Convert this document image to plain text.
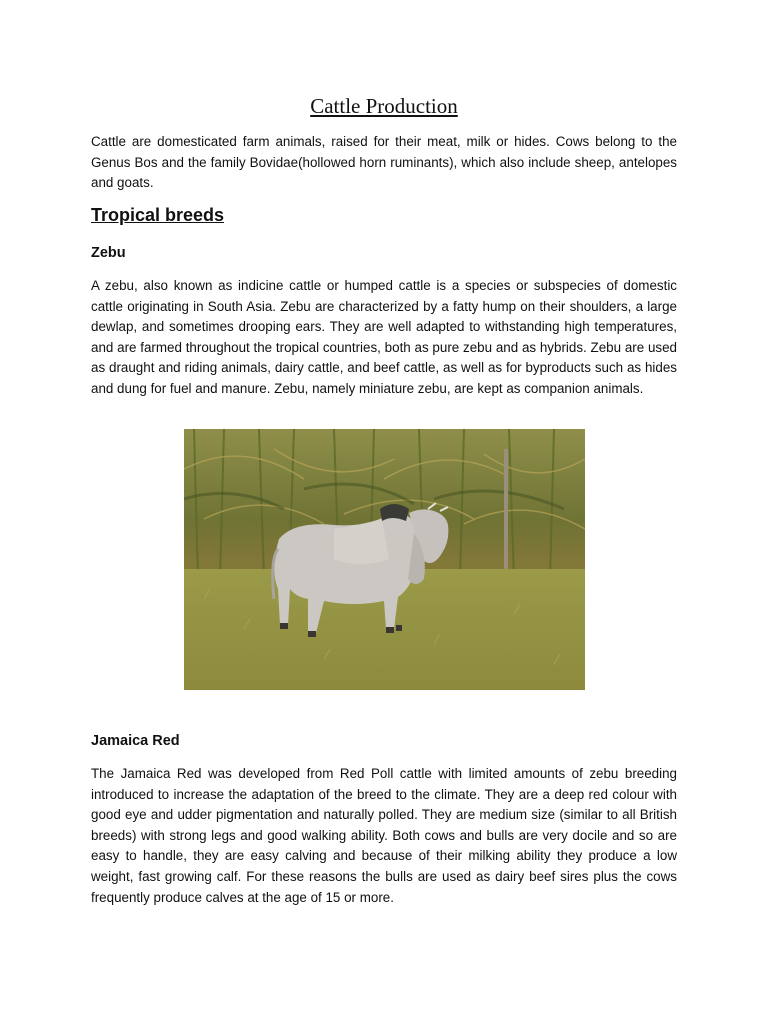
Cattle Production

Cattle are domesticated farm animals, raised for their meat, milk or hides. Cows belong to the Genus Bos and the family Bovidae(hollowed horn ruminants), which also include sheep, antelopes and goats.

Tropical breeds
Zebu

A zebu, also known as indicine cattle or humped cattle is a species or subspecies of domestic cattle originating in South Asia. Zebu are characterized by a fatty hump on their shoulders, a large dewlap, and sometimes drooping ears. They are well adapted to withstanding high temperatures, and are farmed throughout the tropical countries, both as pure zebu and as hybrids. Zebu are used as draught and riding animals, dairy cattle, and beef cattle, as well as for byproducts such as hides and dung for fuel and manure. Zebu, namely miniature zebu, are kept as companion animals.

Jamaica Red

The Jamaica Red was developed from Red Poll cattle with limited amounts of zebu breeding introduced to increase the adaptation of the breed to the climate. They are a deep red colour with good eye and udder pigmentation and naturally polled. They are medium size (similar to all British breeds) with strong legs and good walking ability. Both cows and bulls are very docile and so are easy to handle, they are easy calving and because of their milking ability they produce a low weight, fast growing calf. For these reasons the bulls are used as dairy beef sires plus the cows frequently produce calves at the age of 15 or more.
